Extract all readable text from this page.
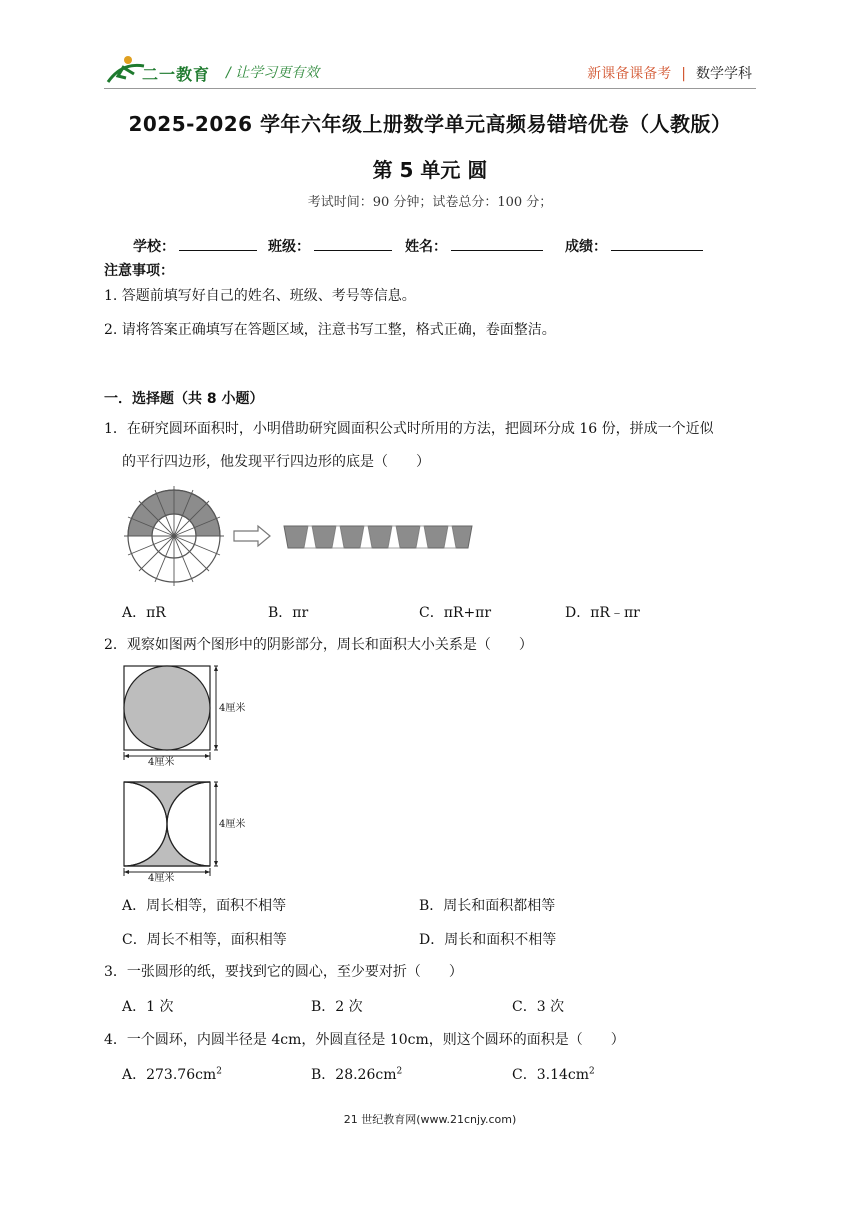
二一教育 / 让学习更有效	新课备课备考 | 数学学科
2025-2026 学年六年级上册数学单元高频易错培优卷（人教版）
第 5 单元 圆
考试时间：90 分钟；试卷总分：100 分；
学校：	班级：	姓名：	成绩：
注意事项：
1. 答题前填写好自己的姓名、班级、考号等信息。
2. 请将答案正确填写在答题区域，注意书写工整，格式正确，卷面整洁。
一．选择题（共 8 小题）
1．在研究圆环面积时，小明借助研究圆面积公式时所用的方法，把圆环分成 16 份，拼成一个近似
的平行四边形，他发现平行四边形的底是（　　）
A．πR	B．πr	C．πR+πr	D．πR﹣πr
2．观察如图两个图形中的阴影部分，周长和面积大小关系是（　　）
4厘米
4厘米
4厘米
4厘米
A．周长相等，面积不相等	B．周长和面积都相等
C．周长不相等，面积相等	D．周长和面积不相等
3．一张圆形的纸，要找到它的圆心，至少要对折（　　）
A．1 次	B．2 次	C．3 次
4．一个圆环，内圆半径是 4cm，外圆直径是 10cm，则这个圆环的面积是（　　）
A．$273.76cm^2$	B．$28.26cm^2$	C．$3.14cm^2$
21 世纪教育网(www.21cnjy.com)
